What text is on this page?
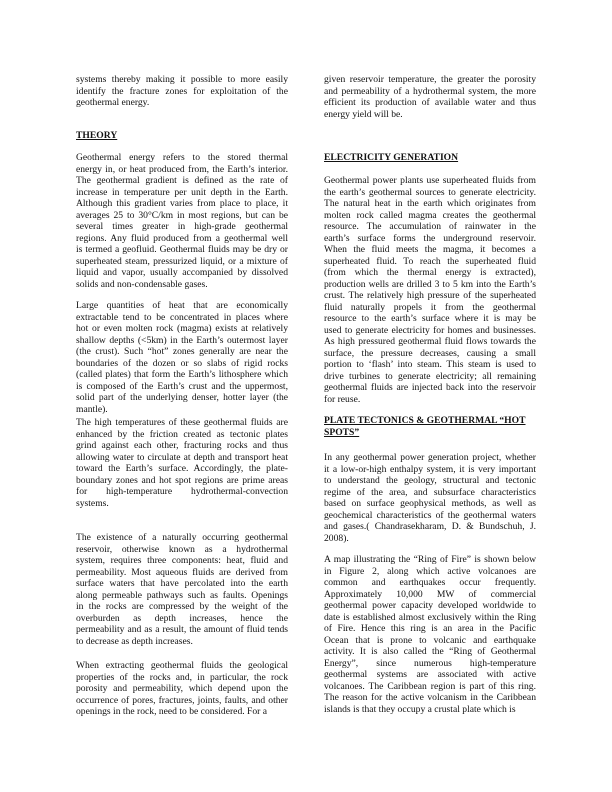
systems thereby making it possible to more easily
identify the fracture zones for exploitation of the
geothermal energy.
THEORY
Geothermal energy refers to the stored thermal
energy in, or heat produced from, the Earth’s interior.
The geothermal gradient is defined as the rate of
increase in temperature per unit depth in the Earth.
Although this gradient varies from place to place, it
averages 25 to 30°C/km in most regions, but can be
several times greater in high-grade geothermal
regions. Any fluid produced from a geothermal well
is termed a geofluid. Geothermal fluids may be dry or
superheated steam, pressurized liquid, or a mixture of
liquid and vapor, usually accompanied by dissolved
solids and non-condensable gases.
Large quantities of heat that are economically
extractable tend to be concentrated in places where
hot or even molten rock (magma) exists at relatively
shallow depths (<5km) in the Earth’s outermost layer
(the crust). Such “hot” zones generally are near the
boundaries of the dozen or so slabs of rigid rocks
(called plates) that form the Earth’s lithosphere which
is composed of the Earth’s crust and the uppermost,
solid part of the underlying denser, hotter layer (the
mantle).
The high temperatures of these geothermal fluids are
enhanced by the friction created as tectonic plates
grind against each other, fracturing rocks and thus
allowing water to circulate at depth and transport heat
toward the Earth’s surface. Accordingly, the plate-
boundary zones and hot spot regions are prime areas
for high-temperature hydrothermal-convection
systems.
The existence of a naturally occurring geothermal
reservoir, otherwise known as a hydrothermal
system, requires three components: heat, fluid and
permeability. Most aqueous fluids are derived from
surface waters that have percolated into the earth
along permeable pathways such as faults. Openings
in the rocks are compressed by the weight of the
overburden as depth increases, hence the
permeability and as a result, the amount of fluid tends
to decrease as depth increases.
When extracting geothermal fluids the geological
properties of the rocks and, in particular, the rock
porosity and permeability, which depend upon the
occurrence of pores, fractures, joints, faults, and other
openings in the rock, need to be considered. For a
given reservoir temperature, the greater the porosity
and permeability of a hydrothermal system, the more
efficient its production of available water and thus
energy yield will be.
ELECTRICITY GENERATION
Geothermal power plants use superheated fluids from
the earth’s geothermal sources to generate electricity.
The natural heat in the earth which originates from
molten rock called magma creates the geothermal
resource. The accumulation of rainwater in the
earth’s surface forms the underground reservoir.
When the fluid meets the magma, it becomes a
superheated fluid. To reach the superheated fluid
(from which the thermal energy is extracted),
production wells are drilled 3 to 5 km into the Earth’s
crust. The relatively high pressure of the superheated
fluid naturally propels it from the geothermal
resource to the earth’s surface where it is may be
used to generate electricity for homes and businesses.
As high pressured geothermal fluid flows towards the
surface, the pressure decreases, causing a small
portion to ‘flash’ into steam. This steam is used to
drive turbines to generate electricity; all remaining
geothermal fluids are injected back into the reservoir
for reuse.
PLATE TECTONICS & GEOTHERMAL “HOT
SPOTS”
In any geothermal power generation project, whether
it a low-or-high enthalpy system, it is very important
to understand the geology, structural and tectonic
regime of the area, and subsurface characteristics
based on surface geophysical methods, as well as
geochemical characteristics of the geothermal waters
and gases.( Chandrasekharam, D. & Bundschuh, J.
2008).
A map illustrating the “Ring of Fire” is shown below
in Figure 2, along which active volcanoes are
common and earthquakes occur frequently.
Approximately 10,000 MW of commercial
geothermal power capacity developed worldwide to
date is established almost exclusively within the Ring
of Fire. Hence this ring is an area in the Pacific
Ocean that is prone to volcanic and earthquake
activity. It is also called the “Ring of Geothermal
Energy”, since numerous high-temperature
geothermal systems are associated with active
volcanoes. The Caribbean region is part of this ring.
The reason for the active volcanism in the Caribbean
islands is that they occupy a crustal plate which is
